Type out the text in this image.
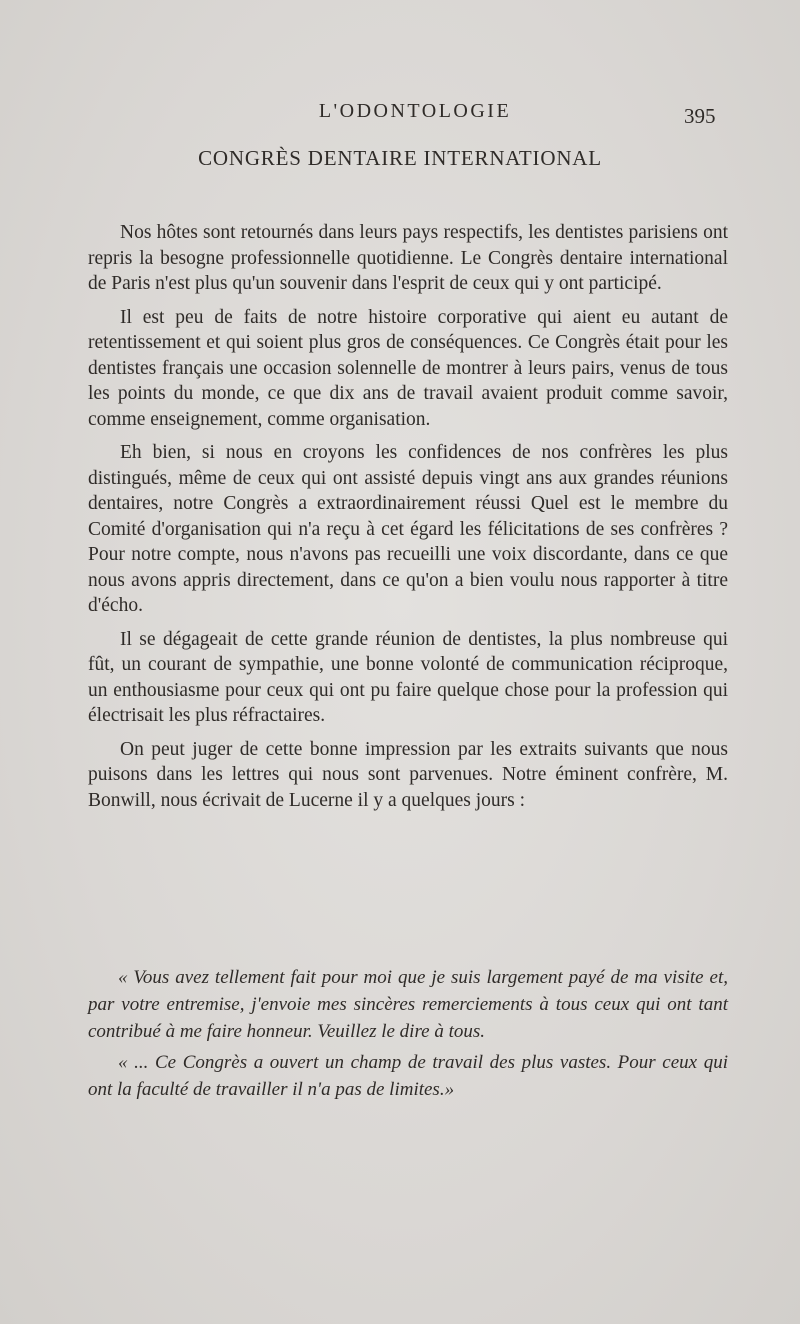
L'ODONTOLOGIE	395
CONGRÈS DENTAIRE INTERNATIONAL

Nos hôtes sont retournés dans leurs pays respectifs, les dentistes parisiens ont repris la besogne professionnelle quotidienne. Le Congrès dentaire international de Paris n'est plus qu'un souvenir dans l'esprit de ceux qui y ont participé.

Il est peu de faits de notre histoire corporative qui aient eu autant de retentissement et qui soient plus gros de conséquences. Ce Congrès était pour les dentistes français une occasion solennelle de montrer à leurs pairs, venus de tous les points du monde, ce que dix ans de travail avaient produit comme savoir, comme enseignement, comme organisation.

Eh bien, si nous en croyons les confidences de nos confrères les plus distingués, même de ceux qui ont assisté depuis vingt ans aux grandes réunions dentaires, notre Congrès a extraordinairement réussi Quel est le membre du Comité d'organisation qui n'a reçu à cet égard les félicitations de ses confrères ? Pour notre compte, nous n'avons pas recueilli une voix discordante, dans ce que nous avons appris directement, dans ce qu'on a bien voulu nous rapporter à titre d'écho.

Il se dégageait de cette grande réunion de dentistes, la plus nombreuse qui fût, un courant de sympathie, une bonne volonté de communication réciproque, un enthousiasme pour ceux qui ont pu faire quelque chose pour la profession qui électrisait les plus réfractaires.

On peut juger de cette bonne impression par les extraits suivants que nous puisons dans les lettres qui nous sont parvenues. Notre éminent confrère, M. Bonwill, nous écrivait de Lucerne il y a quelques jours :

« Vous avez tellement fait pour moi que je suis largement payé de ma visite et, par votre entremise, j'envoie mes sincères remerciements à tous ceux qui ont tant contribué à me faire honneur. Veuillez le dire à tous.

« ... Ce Congrès a ouvert un champ de travail des plus vastes. Pour ceux qui ont la faculté de travailler il n'a pas de limites.»
